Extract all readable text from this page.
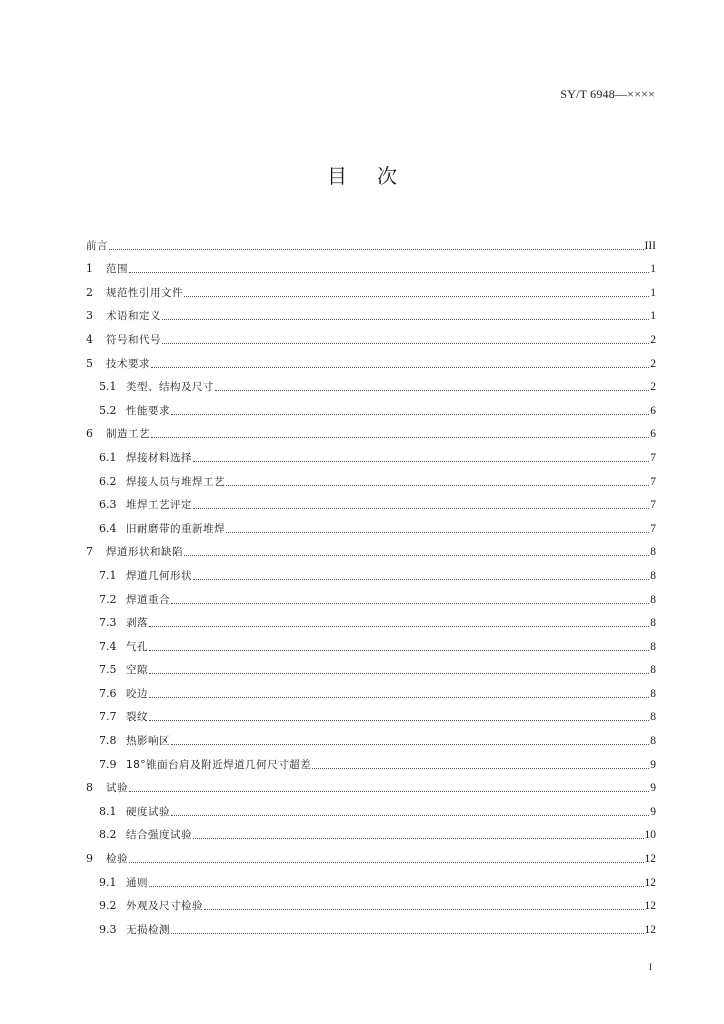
SY/T 6948—××××
目次
前言	III
1	范围	1
2	规范性引用文件	1
3	术语和定义	1
4	符号和代号	2
5	技术要求	2
5.1 类型、结构及尺寸	2
5.2 性能要求	6
6	制造工艺	6
6.1 焊接材料选择	7
6.2 焊接人员与堆焊工艺	7
6.3 堆焊工艺评定	7
6.4 旧耐磨带的重新堆焊	7
7	焊道形状和缺陷	8
7.1 焊道几何形状	8
7.2 焊道重合	8
7.3 剥落	8
7.4 气孔	8
7.5 空隙	8
7.6 咬边	8
7.7 裂纹	8
7.8 热影响区	8
7.9 18°锥面台肩及附近焊道几何尺寸超差	9
8	试验	9
8.1 硬度试验	9
8.2 结合强度试验	10
9	检验	12
9.1 通则	12
9.2 外观及尺寸检验	12
9.3 无损检测	12
I
